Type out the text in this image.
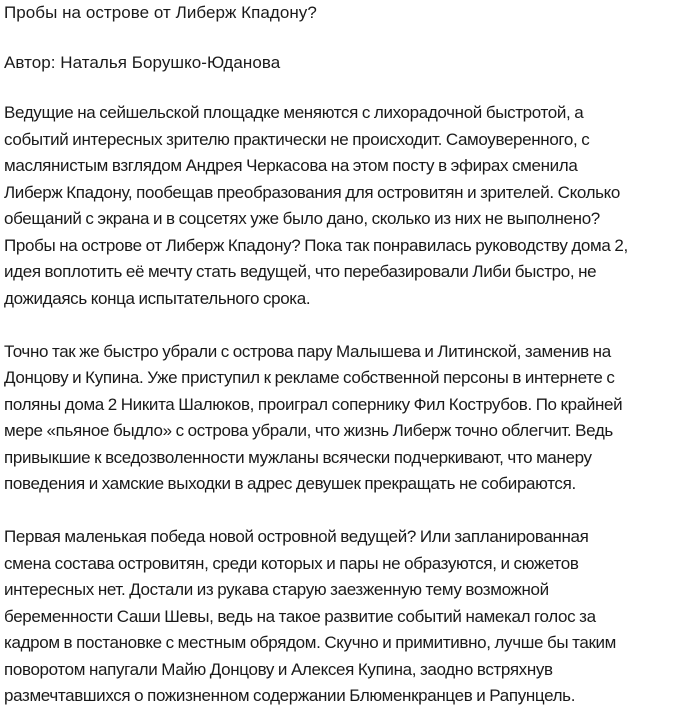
Пробы на острове от Либерж Кпадону?

Автор: Наталья Борушко-Юданова

Ведущие на сейшельской площадке меняются с лихорадочной быстротой, а
событий интересных зрителю практически не происходит. Самоуверенного, с
маслянистым взглядом Андрея Черкасова на этом посту в эфирах сменила
Либерж Кпадону, пообещав преобразования для островитян и зрителей. Сколько
обещаний с экрана и в соцсетях уже было дано, сколько из них не выполнено?
Пробы на острове от Либерж Кпадону? Пока так понравилась руководству дома 2,
идея воплотить её мечту стать ведущей, что перебазировали Либи быстро, не
дожидаясь конца испытательного срока.

Точно так же быстро убрали с острова пару Малышева и Литинской, заменив на
Донцову и Купина. Уже приступил к рекламе собственной персоны в интернете с
поляны дома 2 Никита Шалюков, проиграл сопернику Фил Кострубов. По крайней
мере «пьяное быдло» с острова убрали, что жизнь Либерж точно облегчит. Ведь
привыкшие к вседозволенности мужланы всячески подчеркивают, что манеру
поведения и хамские выходки в адрес девушек прекращать не собираются.

Первая маленькая победа новой островной ведущей? Или запланированная
смена состава островитян, среди которых и пары не образуются, и сюжетов
интересных нет. Достали из рукава старую заезженную тему возможной
беременности Саши Шевы, ведь на такое развитие событий намекал голос за
кадром в постановке с местным обрядом. Скучно и примитивно, лучше бы таким
поворотом напугали Майю Донцову и Алексея Купина, заодно встряхнув
размечтавшихся о пожизненном содержании Блюменкранцев и Рапунцель.
